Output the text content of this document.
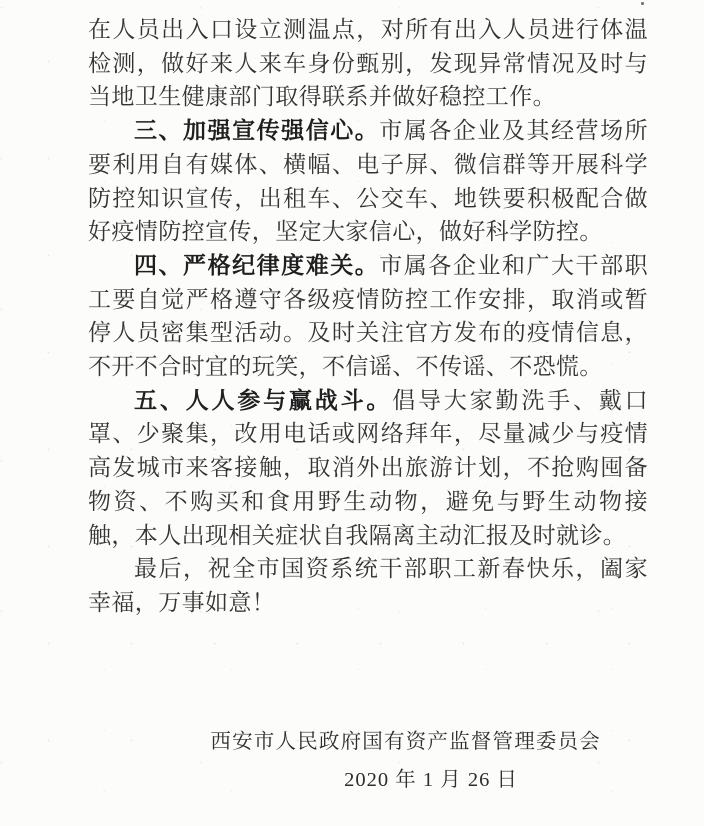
在人员出入口设立测温点，对所有出入人员进行体温检测，做好来人来车身份甄别，发现异常情况及时与当地卫生健康部门取得联系并做好稳控工作。
三、加强宣传强信心。市属各企业及其经营场所要利用自有媒体、横幅、电子屏、微信群等开展科学防控知识宣传，出租车、公交车、地铁要积极配合做好疫情防控宣传，坚定大家信心，做好科学防控。
四、严格纪律度难关。市属各企业和广大干部职工要自觉严格遵守各级疫情防控工作安排，取消或暂停人员密集型活动。及时关注官方发布的疫情信息，不开不合时宜的玩笑，不信谣、不传谣、不恐慌。
五、人人参与赢战斗。倡导大家勤洗手、戴口罩、少聚集，改用电话或网络拜年，尽量减少与疫情高发城市来客接触，取消外出旅游计划，不抢购囤备物资、不购买和食用野生动物，避免与野生动物接触，本人出现相关症状自我隔离主动汇报及时就诊。
最后，祝全市国资系统干部职工新春快乐，阖家幸福，万事如意！
西安市人民政府国有资产监督管理委员会
2020 年 1 月 26 日
